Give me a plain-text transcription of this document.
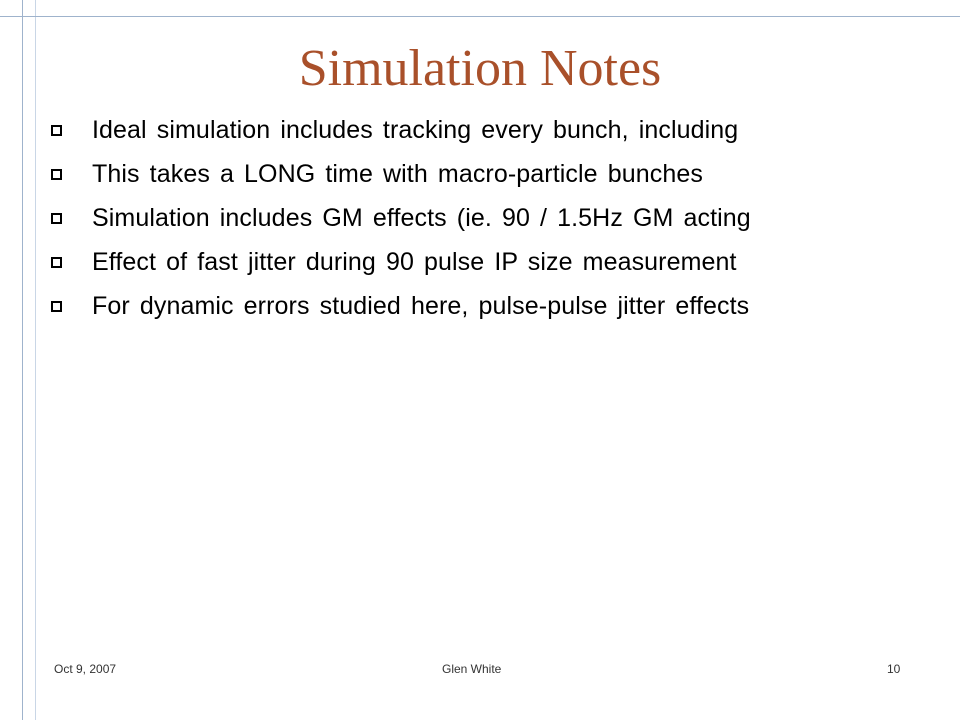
Simulation Notes
Ideal simulation includes tracking every bunch, including
This takes a LONG time with macro-particle bunches
Simulation includes GM effects (ie. 90 / 1.5Hz GM acting
Effect of fast jitter during 90 pulse IP size measurement
For dynamic errors studied here, pulse-pulse jitter effects
Oct 9, 2007	Glen White	10
